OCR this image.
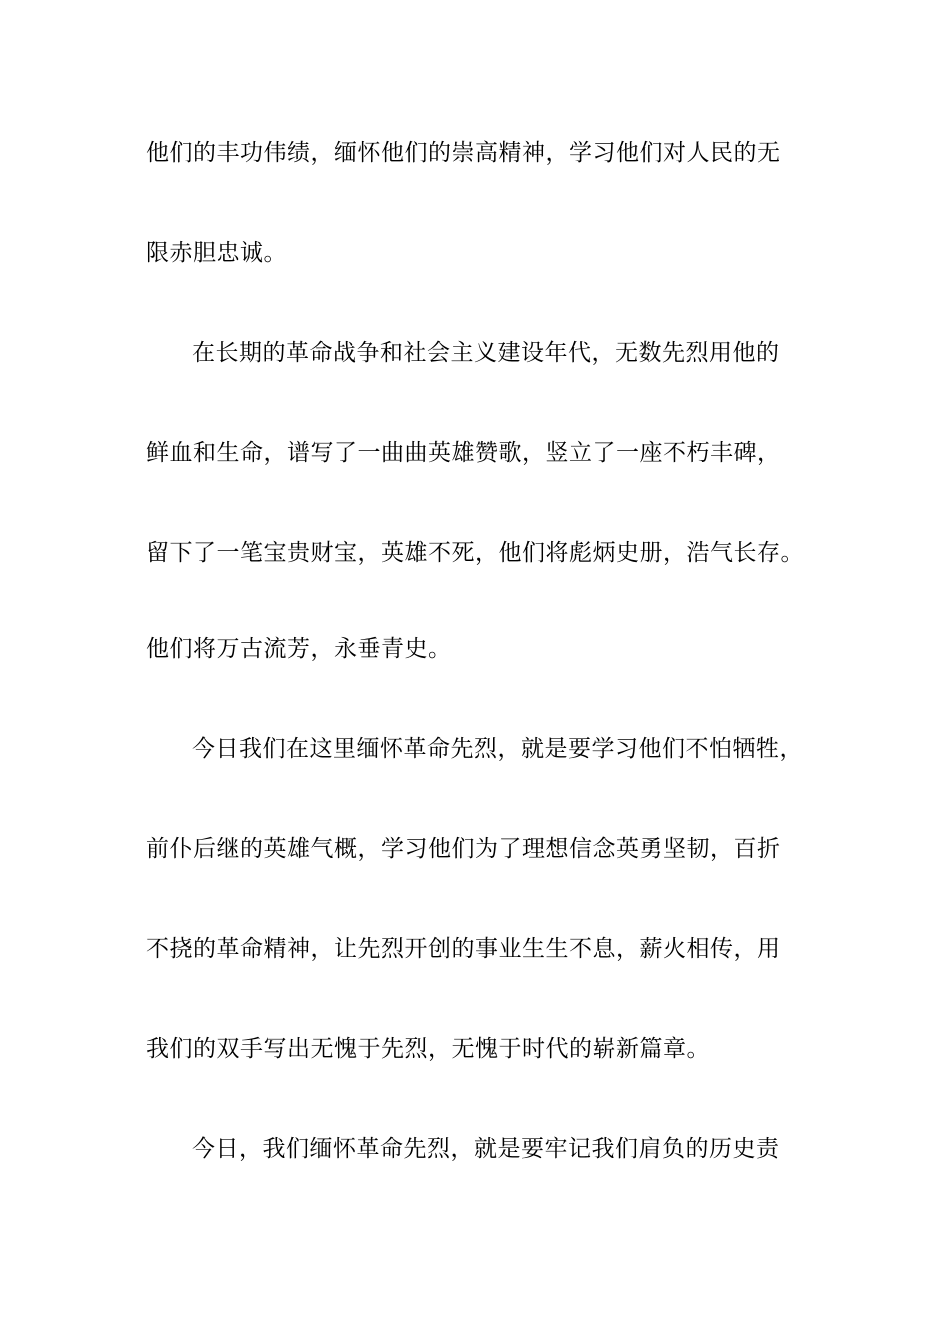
他们的丰功伟绩，缅怀他们的崇高精神，学习他们对人民的无
限赤胆忠诚。
在长期的革命战争和社会主义建设年代，无数先烈用他的
鲜血和生命，谱写了一曲曲英雄赞歌，竖立了一座不朽丰碑，
留下了一笔宝贵财宝，英雄不死，他们将彪炳史册，浩气长存。
他们将万古流芳，永垂青史。
今日我们在这里缅怀革命先烈，就是要学习他们不怕牺牲，
前仆后继的英雄气概，学习他们为了理想信念英勇坚韧，百折
不挠的革命精神，让先烈开创的事业生生不息，薪火相传，用
我们的双手写出无愧于先烈，无愧于时代的崭新篇章。
今日，我们缅怀革命先烈，就是要牢记我们肩负的历史责
